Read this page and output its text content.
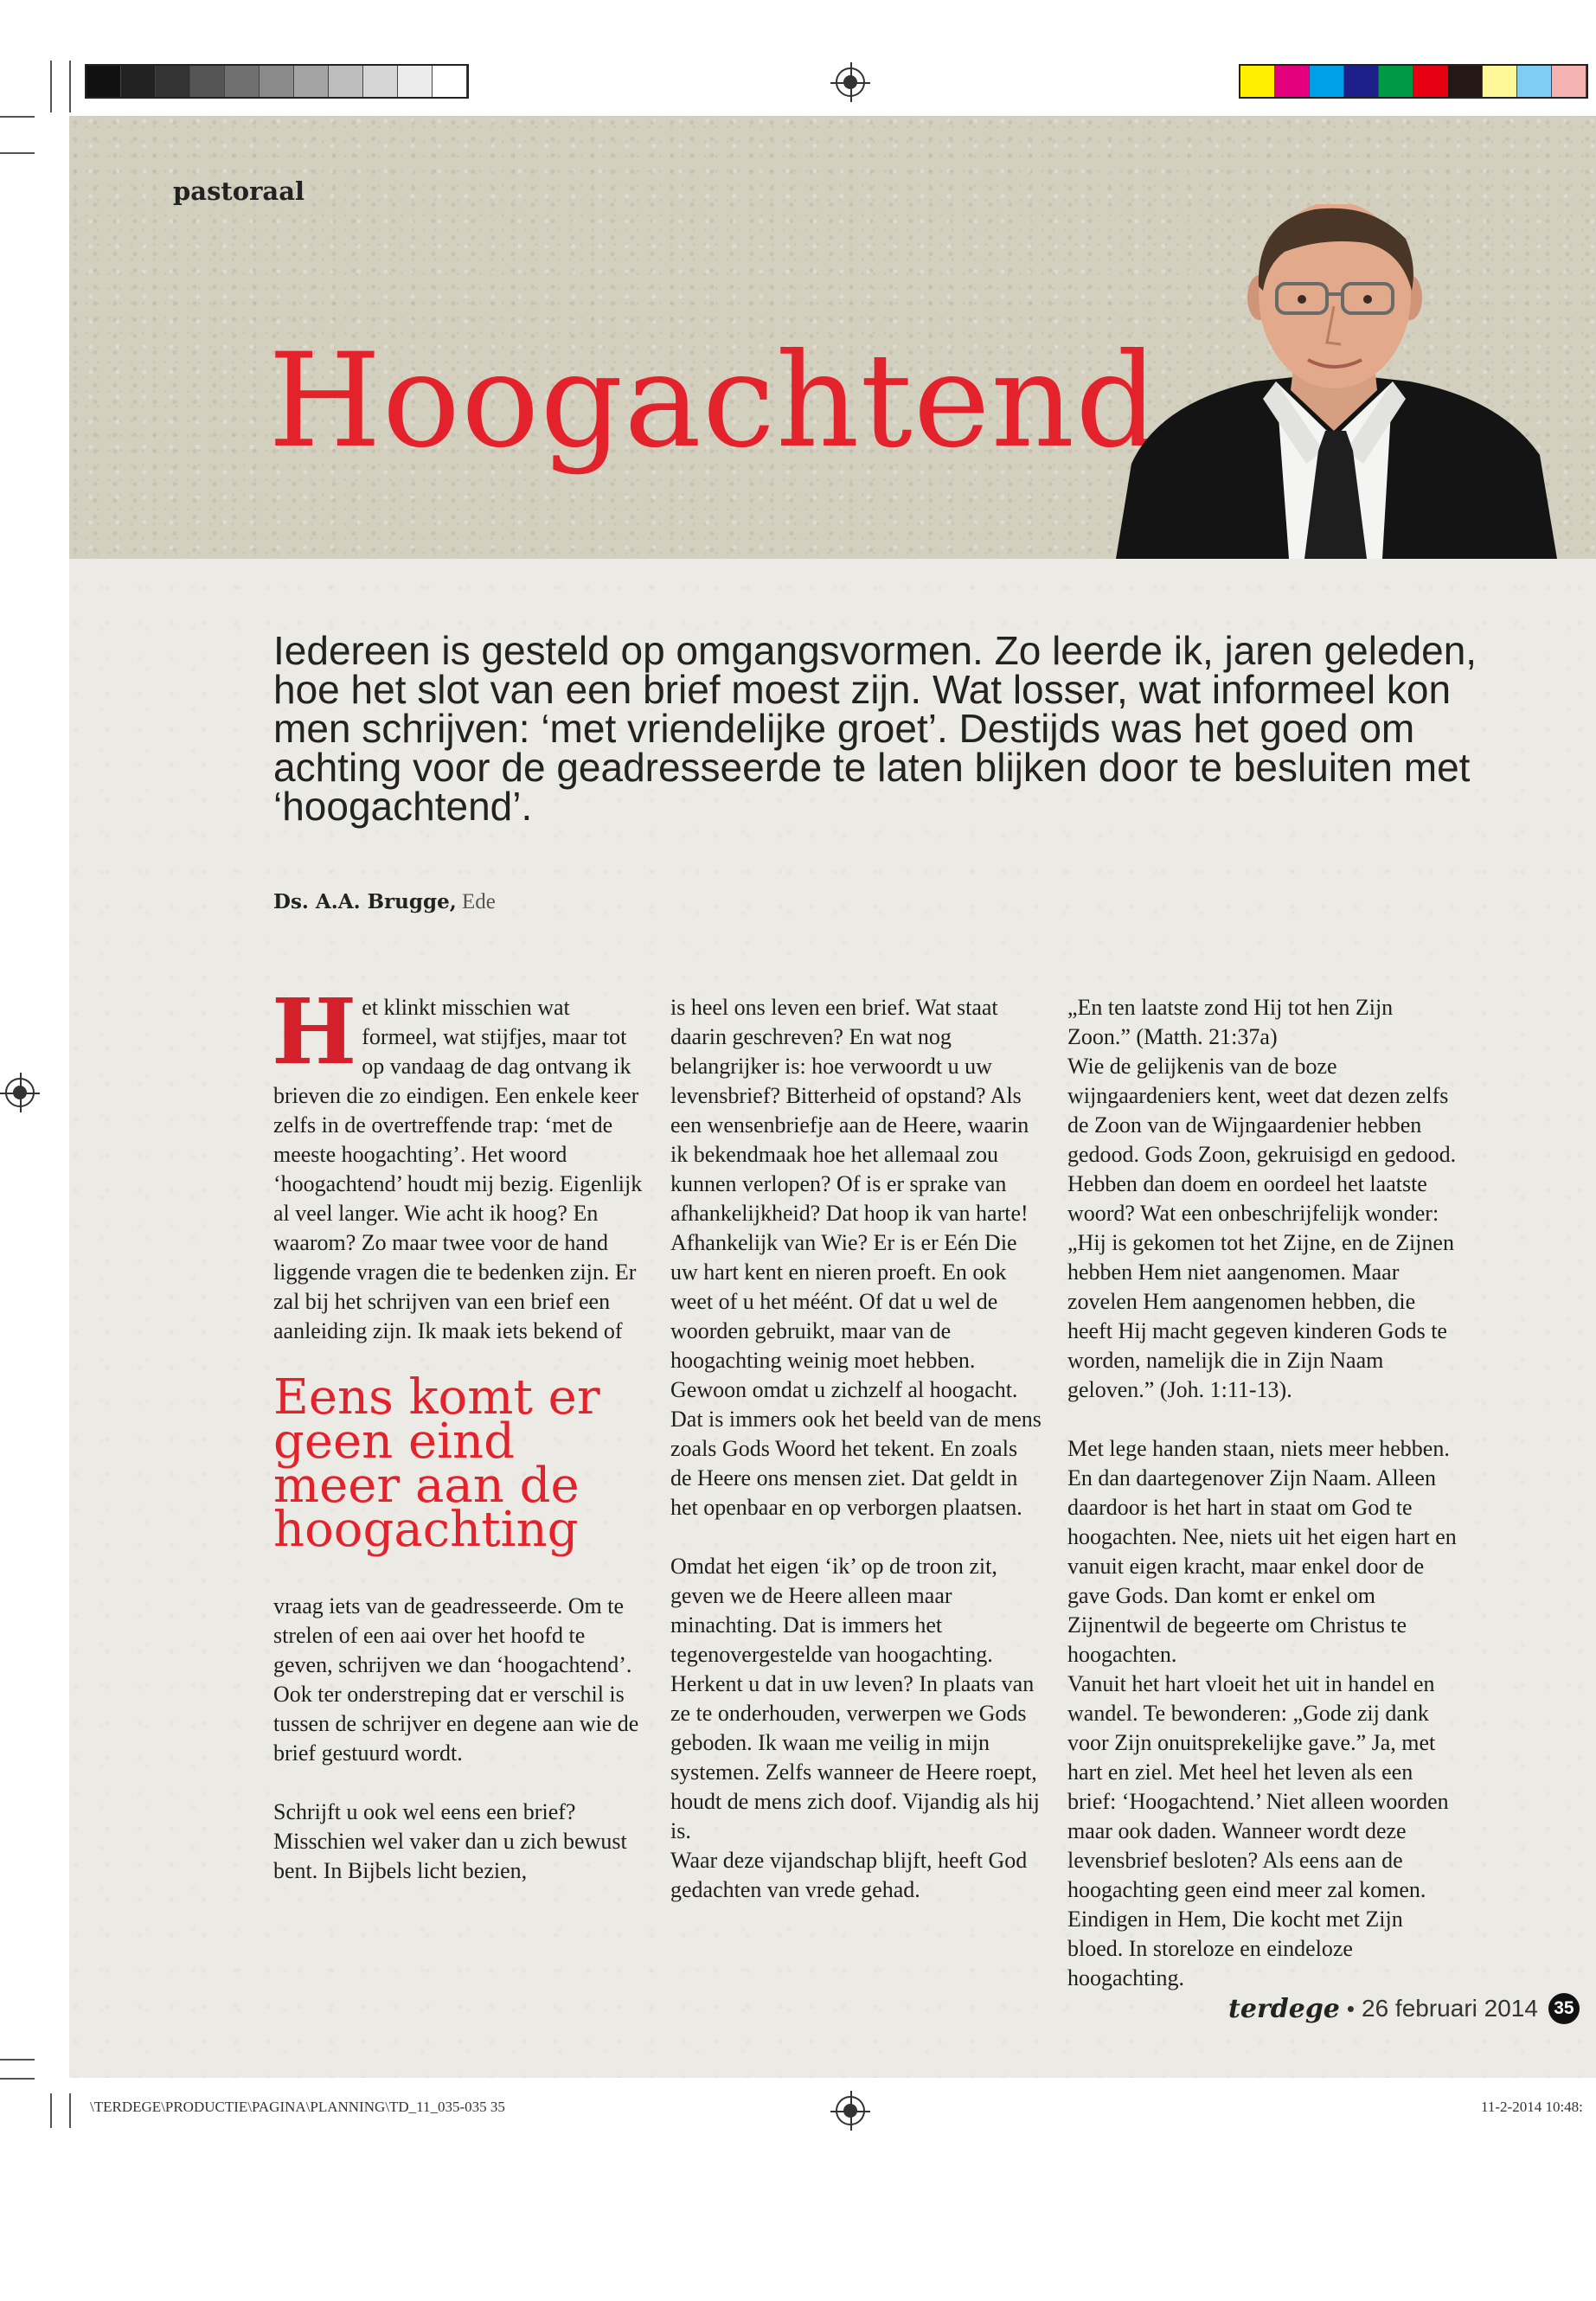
pastoraal
Hoogachtend

Iedereen is gesteld op omgangsvormen. Zo leerde ik, jaren geleden, hoe het slot van een brief moest zijn. Wat losser, wat informeel kon men schrijven: ‘met vriendelijke groet’. Destijds was het goed om achting voor de geadresseerde te laten blijken door te besluiten met ‘hoogachtend’.

Ds. A.A. Brugge, Ede

Het klinkt misschien wat formeel, wat stijfjes, maar tot op vandaag de dag ontvang ik brieven die zo eindigen. Een enkele keer zelfs in de overtreffende trap: ‘met de meeste hoogachting’. Het woord ‘hoogachtend’ houdt mij bezig. Eigenlijk al veel langer. Wie acht ik hoog? En waarom? Zo maar twee voor de hand liggende vragen die te bedenken zijn. Er zal bij het schrijven van een brief een aanleiding zijn. Ik maak iets bekend of

Eens komt er geen eind meer aan de hoogachting

vraag iets van de geadresseerde. Om te strelen of een aai over het hoofd te geven, schrijven we dan ‘hoogachtend’. Ook ter onderstreping dat er verschil is tussen de schrijver en degene aan wie de brief gestuurd wordt.

Schrijft u ook wel eens een brief? Misschien wel vaker dan u zich bewust bent. In Bijbels licht bezien,

is heel ons leven een brief. Wat staat daarin geschreven? En wat nog belangrijker is: hoe verwoordt u uw levensbrief? Bitterheid of opstand? Als een wensenbriefje aan de Heere, waarin ik bekendmaak hoe het allemaal zou kunnen verlopen? Of is er sprake van afhankelijkheid? Dat hoop ik van harte!

Afhankelijk van Wie? Er is er Eén Die uw hart kent en nieren proeft. En ook weet of u het méént. Of dat u wel de woorden gebruikt, maar van de hoogachting weinig moet hebben. Gewoon omdat u zichzelf al hoogacht. Dat is immers ook het beeld van de mens zoals Gods Woord het tekent. En zoals de Heere ons mensen ziet. Dat geldt in het openbaar en op verborgen plaatsen.

Omdat het eigen ‘ik’ op de troon zit, geven we de Heere alleen maar minachting. Dat is immers het tegenovergestelde van hoogachting. Herkent u dat in uw leven? In plaats van ze te onderhouden, verwerpen we Gods geboden. Ik waan me veilig in mijn systemen. Zelfs wanneer de Heere roept, houdt de mens zich doof. Vijandig als hij is.

Waar deze vijandschap blijft, heeft God gedachten van vrede gehad.

„En ten laatste zond Hij tot hen Zijn Zoon.” (Matth. 21:37a)

Wie de gelijkenis van de boze wijngaardeniers kent, weet dat dezen zelfs de Zoon van de Wijngaardenier hebben gedood. Gods Zoon, gekruisigd en gedood. Hebben dan doem en oordeel het laatste woord? Wat een onbeschrijfelijk wonder: „Hij is gekomen tot het Zijne, en de Zijnen hebben Hem niet aangenomen. Maar zovelen Hem aangenomen hebben, die heeft Hij macht gegeven kinderen Gods te worden, namelijk die in Zijn Naam geloven.” (Joh. 1:11-13).

Met lege handen staan, niets meer hebben. En dan daartegenover Zijn Naam. Alleen daardoor is het hart in staat om God te hoogachten. Nee, niets uit het eigen hart en vanuit eigen kracht, maar enkel door de gave Gods. Dan komt er enkel om Zijnentwil de begeerte om Christus te hoogachten.

Vanuit het hart vloeit het uit in handel en wandel. Te bewonderen: „Gode zij dank voor Zijn onuitsprekelijke gave.” Ja, met hart en ziel. Met heel het leven als een brief: ‘Hoogachtend.’ Niet alleen woorden maar ook daden. Wanneer wordt deze levensbrief besloten? Als eens aan de hoogachting geen eind meer zal komen. Eindigen in Hem, Die kocht met Zijn bloed. In storeloze en eindeloze hoogachting.

terdege • 26 februari 2014 35
\TERDEGE\PRODUCTIE\PAGINA\PLANNING\TD_11_035-035 35	11-2-2014 10:48:
